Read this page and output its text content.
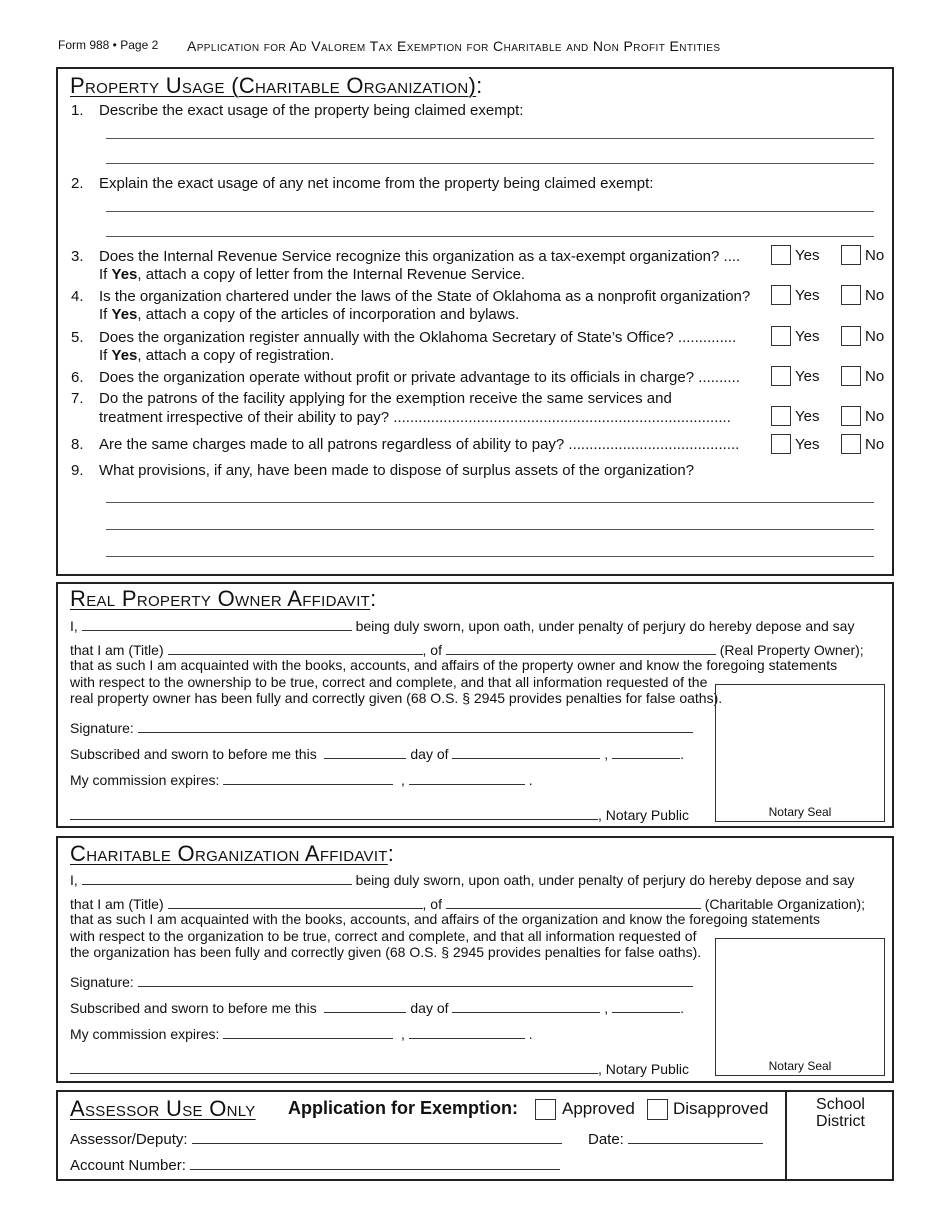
Form 988 • Page 2 Application for Ad Valorem Tax Exemption for Charitable and Non Profit Entities
Property Usage (Charitable Organization):
1. Describe the exact usage of the property being claimed exempt:
2. Explain the exact usage of any net income from the property being claimed exempt:
3. Does the Internal Revenue Service recognize this organization as a tax-exempt organization? ....
If Yes, attach a copy of letter from the Internal Revenue Service.
Yes	No
4. Is the organization chartered under the laws of the State of Oklahoma as a nonprofit organization?
If Yes, attach a copy of the articles of incorporation and bylaws.
Yes	No
5. Does the organization register annually with the Oklahoma Secretary of State’s Office? ..............
If Yes, attach a copy of registration.
Yes	No
6. Does the organization operate without profit or private advantage to its officials in charge? ..........	Yes	No
7. Do the patrons of the facility applying for the exemption receive the same services and
treatment irrespective of their ability to pay? .................................................................................	Yes	No
8. Are the same charges made to all patrons regardless of ability to pay? .........................................	Yes	No
9. What provisions, if any, have been made to dispose of surplus assets of the organization?
Real Property Owner Affidavit:
I,	being duly sworn, upon oath, under penalty of perjury do hereby depose and say
that I am (Title)	, of	(Real Property Owner);
that as such I am acquainted with the books, accounts, and affairs of the property owner and know the foregoing statements
with respect to the ownership to be true, correct and complete, and that all information requested of the
real property owner has been fully and correctly given (68 O.S. § 2945 provides penalties for false oaths).
Signature:
Subscribed and sworn to before me this	day of	,	.
My commission expires:	,	.
, Notary Public	Notary Seal
Charitable Organization Affidavit:
I,	being duly sworn, upon oath, under penalty of perjury do hereby depose and say
that I am (Title)	, of	(Charitable Organization);
that as such I am acquainted with the books, accounts, and affairs of the organization and know the foregoing statements
with respect to the organization to be true, correct and complete, and that all information requested of
the organization has been fully and correctly given (68 O.S. § 2945 provides penalties for false oaths).
Signature:
Subscribed and sworn to before me this	day of	,	.
My commission expires:	,	.
, Notary Public	Notary Seal
Assessor Use Only Application for Exemption:	Approved Disapproved
Assessor/Deputy:	Date:
Account Number:
School
District
